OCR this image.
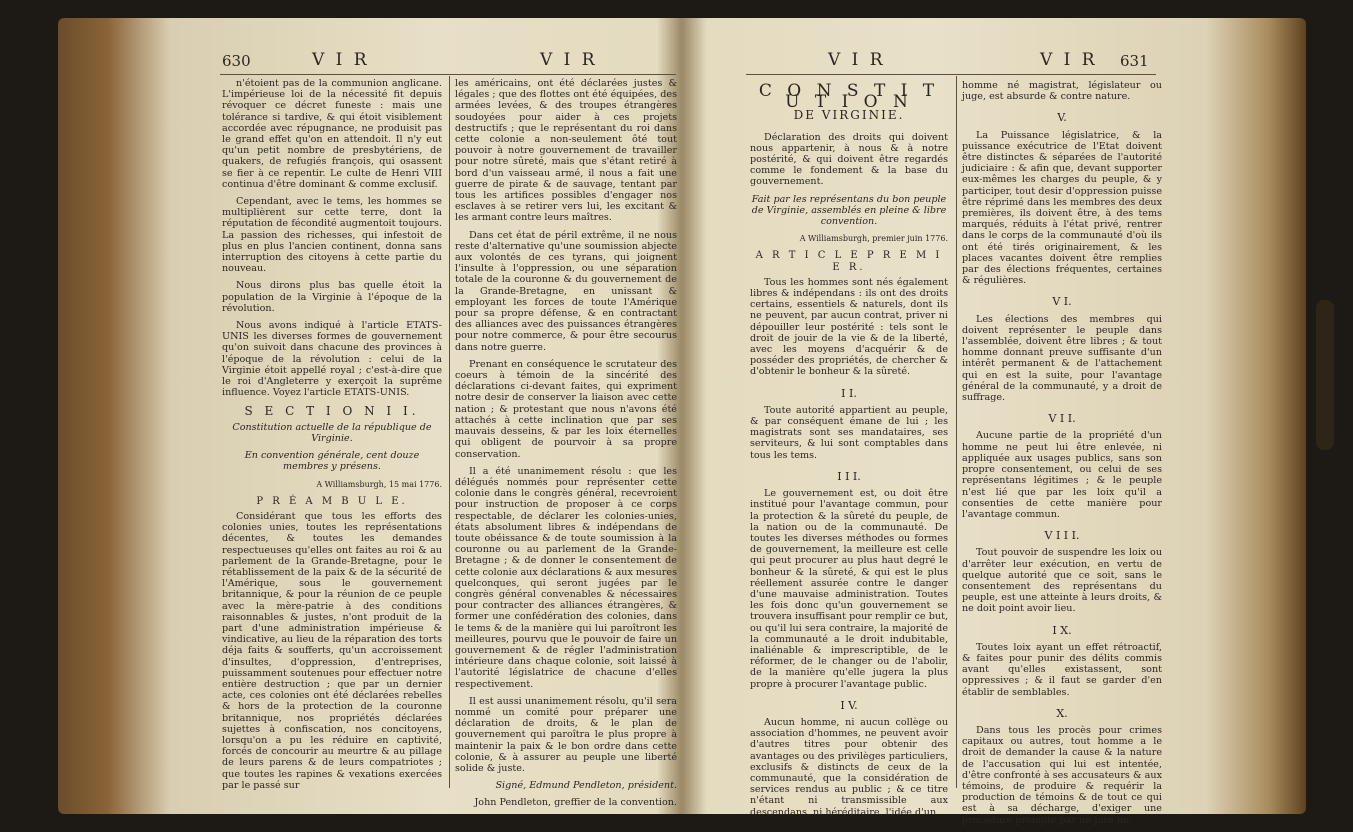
630	V I R	V I R

n'étoient pas de la communion anglicane. L'impérieuse loi de la nécessité fit depuis révoquer ce décret funeste : mais une tolérance si tardive, & qui étoit visiblement accordée avec répugnance, ne produisit pas le grand effet qu'on en attendoit. Il n'y eut qu'un petit nombre de presbytériens, de quakers, de refugiés françois, qui osassent se fier à ce repentir. Le culte de Henri VIII continua d'être dominant & comme exclusif.

Cependant, avec le tems, les hommes se multiplièrent sur cette terre, dont la réputation de fécondité augmentoit toujours. La passion des richesses, qui infestoit de plus en plus l'ancien continent, donna sans interruption des citoyens à cette partie du nouveau.

Nous dirons plus bas quelle étoit la population de la Virginie à l'époque de la révolution.

Nous avons indiqué à l'article ETATS-UNIS les diverses formes de gouvernement qu'on suivoit dans chacune des provinces à l'époque de la révolution : celui de la Virginie étoit appellé royal ; c'est-à-dire que le roi d'Angleterre y exerçoit la suprême influence. Voyez l'article ETATS-UNIS.

S E C T I O N I I.

Constitution actuelle de la république de Virginie.

En convention générale, cent douze membres y présens.

A Williamsburgh, 15 mai 1776.

P R É A M B U L E.

Considérant que tous les efforts des colonies unies, toutes les représentations décentes, & toutes les demandes respectueuses qu'elles ont faites au roi & au parlement de la Grande-Bretagne, pour le rétablissement de la paix & de la sécurité de l'Amérique, sous le gouvernement britannique, & pour la réunion de ce peuple avec la mère-patrie à des conditions raisonnables & justes, n'ont produit de la part d'une administration impérieuse & vindicative, au lieu de la réparation des torts déja faits & soufferts, qu'un accroissement d'insultes, d'oppression, d'entreprises, puissamment soutenues pour effectuer notre entière destruction ; que par un dernier acte, ces colonies ont été déclarées rebelles & hors de la protection de la couronne britannique, nos propriétés déclarées sujettes à confiscation, nos concitoyens, lorsqu'on a pu les réduire en captivité, forcés de concourir au meurtre & au pillage de leurs parens & de leurs compatriotes ; que toutes les rapines & vexations exercées par le passé sur

les américains, ont été déclarées justes & légales ; que des flottes ont été équipées, des armées levées, & des troupes étrangères soudoyées pour aider à ces projets destructifs ; que le représentant du roi dans cette colonie a non-seulement ôté tout pouvoir à notre gouvernement de travailler pour notre sûreté, mais que s'étant retiré à bord d'un vaisseau armé, il nous a fait une guerre de pirate & de sauvage, tentant par tous les artifices possibles d'engager nos esclaves à se retirer vers lui, les excitant & les armant contre leurs maîtres.

Dans cet état de péril extrême, il ne nous reste d'alternative qu'une soumission abjecte aux volontés de ces tyrans, qui joignent l'insulte à l'oppression, ou une séparation totale de la couronne & du gouvernement de la Grande-Bretagne, en unissant & employant les forces de toute l'Amérique pour sa propre défense, & en contractant des alliances avec des puissances étrangères pour notre commerce, & pour être secourus dans notre guerre.

Prenant en conséquence le scrutateur des coeurs à témoin de la sincérité des déclarations ci-devant faites, qui expriment notre desir de conserver la liaison avec cette nation ; & protestant que nous n'avons été attachés à cette inclination que par ses mauvais desseins, & par les loix éternelles qui obligent de pourvoir à sa propre conservation.

Il a été unanimement résolu : que les délégués nommés pour représenter cette colonie dans le congrès général, recevroient pour instruction de proposer à ce corps respectable, de déclarer les colonies-unies, états absolument libres & indépendans de toute obéissance & de toute soumission à la couronne ou au parlement de la Grande-Bretagne ; & de donner le consentement de cette colonie aux déclarations & aux mesures quelconques, qui seront jugées par le congrès général convenables & nécessaires pour contracter des alliances étrangères, & former une confédération des colonies, dans le tems & de la manière qui lui paroîtront les meilleures, pourvu que le pouvoir de faire un gouvernement & de régler l'administration intérieure dans chaque colonie, soit laissé à l'autorité législatrice de chacune d'elles respectivement.

Il est aussi unanimement résolu, qu'il sera nommé un comité pour préparer une déclaration de droits, & le plan de gouvernement qui paroîtra le plus propre à maintenir la paix & le bon ordre dans cette colonie, & à assurer au peuple une liberté solide & juste.

Signé, Edmund Pendleton, président.

John Pendleton, greffier de la convention.

V I R	V I R 631
C O N S T I T U T I O N
DE VIRGINIE.

Déclaration des droits qui doivent nous appartenir, à nous & à notre postérité, & qui doivent être regardés comme le fondement & la base du gouvernement.

Fait par les représentans du bon peuple de Virginie, assemblés en pleine & libre convention.

A Williamsburgh, premier juin 1776.

A R T I C L E P R E M I E R.

Tous les hommes sont nés également libres & indépendans : ils ont des droits certains, essentiels & naturels, dont ils ne peuvent, par aucun contrat, priver ni dépouiller leur postérité : tels sont le droit de jouir de la vie & de la liberté, avec les moyens d'acquérir & de posséder des propriétés, de chercher & d'obtenir le bonheur & la sûreté.

I I.

Toute autorité appartient au peuple, & par conséquent émane de lui ; les magistrats sont ses mandataires, ses serviteurs, & lui sont comptables dans tous les tems.

I I I.

Le gouvernement est, ou doit être institué pour l'avantage commun, pour la protection & la sûreté du peuple, de la nation ou de la communauté. De toutes les diverses méthodes ou formes de gouvernement, la meilleure est celle qui peut procurer au plus haut degré le bonheur & la sûreté, & qui est le plus réellement assurée contre le danger d'une mauvaise administration. Toutes les fois donc qu'un gouvernement se trouvera insuffisant pour remplir ce but, ou qu'il lui sera contraire, la majorité de la communauté a le droit indubitable, inaliénable & imprescriptible, de le réformer, de le changer ou de l'abolir, de la manière qu'elle jugera la plus propre à procurer l'avantage public.

I V.

Aucun homme, ni aucun collège ou association d'hommes, ne peuvent avoir d'autres titres pour obtenir des avantages ou des privilèges particuliers, exclusifs & distincts de ceux de la communauté, que la considération de services rendus au public ; & ce titre n'étant ni transmissible aux descendans, ni héréditaire, l'idée d'un

homme né magistrat, législateur ou juge, est absurde & contre nature.

V.

La Puissance législatrice, & la puissance exécutrice de l'Etat doivent être distinctes & séparées de l'autorité judiciaire : & afin que, devant supporter eux-mêmes les charges du peuple, & y participer, tout desir d'oppression puisse être réprimé dans les membres des deux premières, ils doivent être, à des tems marqués, réduits à l'état privé, rentrer dans le corps de la communauté d'où ils ont été tirés originairement, & les places vacantes doivent être remplies par des élections fréquentes, certaines & régulières.

V I.

Les élections des membres qui doivent représenter le peuple dans l'assemblée, doivent être libres ; & tout homme donnant preuve suffisante d'un intérêt permanent & de l'attachement qui en est la suite, pour l'avantage général de la communauté, y a droit de suffrage.

V I I.

Aucune partie de la propriété d'un homme ne peut lui être enlevée, ni appliquée aux usages publics, sans son propre consentement, ou celui de ses représentans légitimes ; & le peuple n'est lié que par les loix qu'il a consenties de cette manière pour l'avantage commun.

V I I I.

Tout pouvoir de suspendre les loix ou d'arrêter leur exécution, en vertu de quelque autorité que ce soit, sans le consentement des représentans du peuple, est une atteinte à leurs droits, & ne doit point avoir lieu.

I X.

Toutes loix ayant un effet rétroactif, & faites pour punir des délits commis avant qu'elles existassent, sont oppressives ; & il faut se garder d'en établir de semblables.

X.

Dans tous les procès pour crimes capitaux ou autres, tout homme a le droit de demander la cause & la nature de l'accusation qui lui est intentée, d'être confronté à ses accusateurs & aux témoins, de produire & requérir la production de témoins & de tout ce qui est à sa décharge, d'exiger une procédure prompte par un juré im-
